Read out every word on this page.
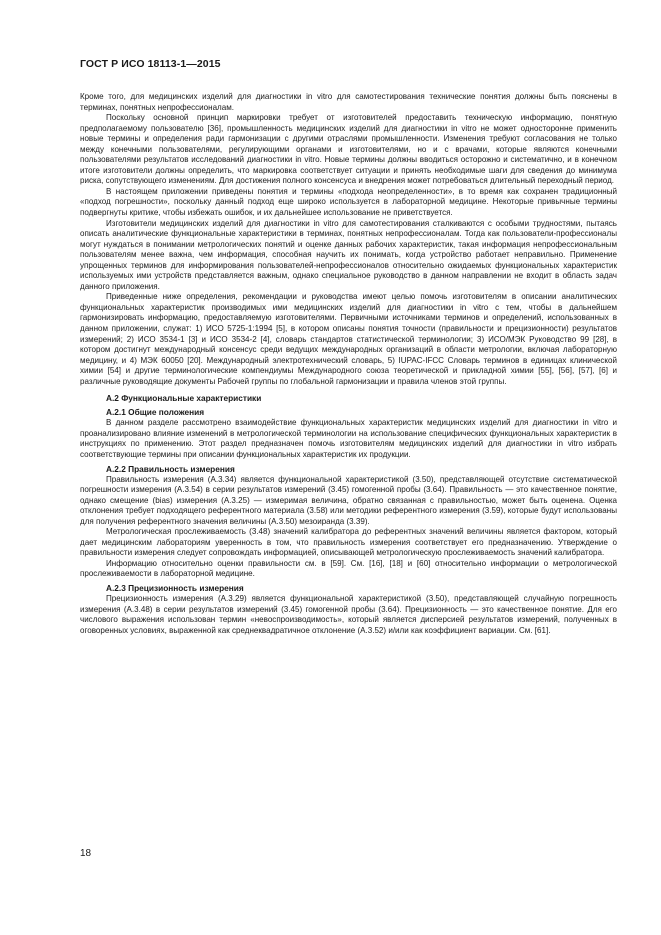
ГОСТ Р ИСО 18113-1—2015

Кроме того, для медицинских изделий для диагностики in vitro для самотестирования технические понятия должны быть пояснены в терминах, понятных непрофессионалам.

Поскольку основной принцип маркировки требует от изготовителей предоставить техническую информацию, понятную предполагаемому пользователю [36], промышленность медицинских изделий для диагностики in vitro не может односторонне применить новые термины и определения ради гармонизации с другими отраслями промышленности. Изменения требуют согласования не только между конечными пользователями, регулирующими органами и изготовителями, но и с врачами, которые являются конечными пользователями результатов исследований диагностики in vitro. Новые термины должны вводиться осторожно и систематично, и в конечном итоге изготовители должны определить, что маркировка соответствует ситуации и принять необходимые шаги для сведения до минимума риска, сопутствующего изменениям. Для достижения полного консенсуса и внедрения может потребоваться длительный переходный период.

В настоящем приложении приведены понятия и термины «подхода неопределенности», в то время как сохранен традиционный «подход погрешности», поскольку данный подход еще широко используется в лабораторной медицине. Некоторые привычные термины подвергнуты критике, чтобы избежать ошибок, и их дальнейшее использование не приветствуется.

Изготовители медицинских изделий для диагностики in vitro для самотестирования сталкиваются с особыми трудностями, пытаясь описать аналитические функциональные характеристики в терминах, понятных непрофессионалам. Тогда как пользователи-профессионалы могут нуждаться в понимании метрологических понятий и оценке данных рабочих характеристик, такая информация непрофессиональным пользователям менее важна, чем информация, способная научить их понимать, когда устройство работает неправильно. Применение упрощенных терминов для информирования пользователей-непрофессионалов относительно ожидаемых функциональных характеристик используемых ими устройств представляется важным, однако специальное руководство в данном направлении не входит в область задач данного приложения.

Приведенные ниже определения, рекомендации и руководства имеют целью помочь изготовителям в описании аналитических функциональных характеристик производимых ими медицинских изделий для диагностики in vitro с тем, чтобы в дальнейшем гармонизировать информацию, предоставляемую изготовителями. Первичными источниками терминов и определений, использованных в данном приложении, служат: 1) ИСО 5725-1:1994 [5], в котором описаны понятия точности (правильности и прецизионности) результатов измерений; 2) ИСО 3534-1 [3] и ИСО 3534-2 [4], словарь стандартов статистической терминологии; 3) ИСО/МЭК Руководство 99 [28], в котором достигнут международный консенсус среди ведущих международных организаций в области метрологии, включая лабораторную медицину, и 4) МЭК 60050 [20]. Международный электротехнический словарь, 5) IUPAC-IFCC Словарь терминов в единицах клинической химии [54] и другие терминологические компендиумы Международного союза теоретической и прикладной химии [55], [56], [57], [6] и различные руководящие документы Рабочей группы по глобальной гармонизации и правила членов этой группы.

А.2 Функциональные характеристики
А.2.1 Общие положения

В данном разделе рассмотрено взаимодействие функциональных характеристик медицинских изделий для диагностики in vitro и проанализировано влияние изменений в метрологической терминологии на использование специфических функциональных характеристик в инструкциях по применению. Этот раздел предназначен помочь изготовителям медицинских изделий для диагностики in vitro избрать соответствующие термины при описании функциональных характеристик их продукции.

А.2.2 Правильность измерения

Правильность измерения (А.3.34) является функциональной характеристикой (3.50), представляющей отсутствие систематической погрешности измерения (А.3.54) в серии результатов измерений (3.45) гомогенной пробы (3.64). Правильность — это качественное понятие, однако смещение (bias) измерения (А.3.25) — измеримая величина, обратно связанная с правильностью, может быть оценена. Оценка отклонения требует подходящего референтного материала (3.58) или методики референтного измерения (3.59), которые будут использованы для получения референтного значения величины (А.3.50) мезоиранда (3.39).

Метрологическая прослеживаемость (3.48) значений калибратора до референтных значений величины является фактором, который дает медицинским лабораториям уверенность в том, что правильность измерения соответствует его предназначению. Утверждение о правильности измерения следует сопровождать информацией, описывающей метрологическую прослеживаемость значений калибратора.

Информацию относительно оценки правильности см. в [59]. См. [16], [18] и [60] относительно информации о метрологической прослеживаемости в лабораторной медицине.

А.2.3 Прецизионность измерения

Прецизионность измерения (А.3.29) является функциональной характеристикой (3.50), представляющей случайную погрешность измерения (А.3.48) в серии результатов измерений (3.45) гомогенной пробы (3.64). Прецизионность — это качественное понятие. Для его числового выражения использован термин «невоспроизводимость», который является дисперсией результатов измерений, полученных в оговоренных условиях, выраженной как среднеквадратичное отклонение (А.3.52) и/или как коэффициент вариации. См. [61].

18
